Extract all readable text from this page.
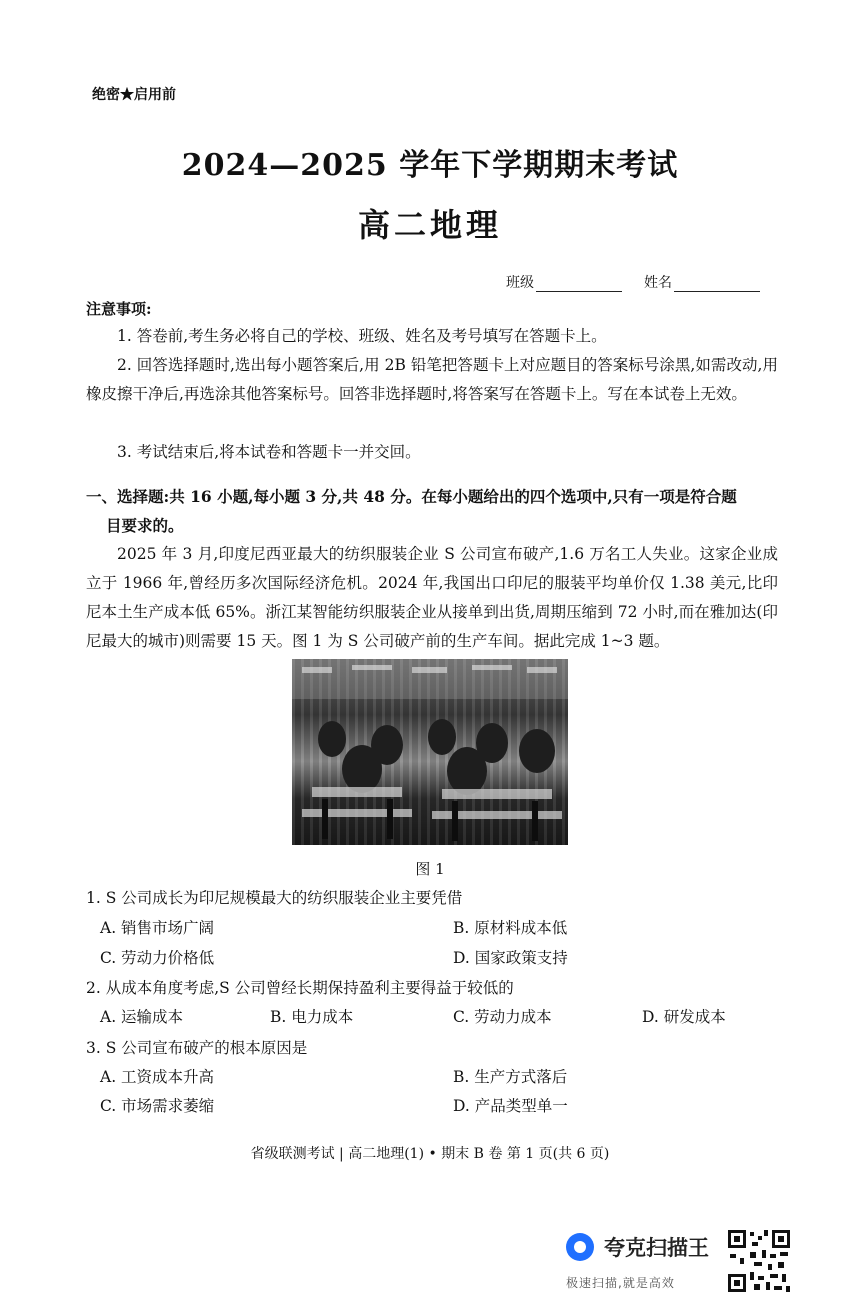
绝密★启用前
2024—2025 学年下学期期末考试
高二地理
班级	姓名
注意事项:
1. 答卷前,考生务必将自己的学校、班级、姓名及考号填写在答题卡上。
2. 回答选择题时,选出每小题答案后,用 2B 铅笔把答题卡上对应题目的答案标号涂黑,如需改动,用橡皮擦干净后,再选涂其他答案标号。回答非选择题时,将答案写在答题卡上。写在本试卷上无效。
3. 考试结束后,将本试卷和答题卡一并交回。
一、选择题:共 16 小题,每小题 3 分,共 48 分。在每小题给出的四个选项中,只有一项是符合题
目要求的。
2025 年 3 月,印度尼西亚最大的纺织服装企业 S 公司宣布破产,1.6 万名工人失业。这家企业成立于 1966 年,曾经历多次国际经济危机。2024 年,我国出口印尼的服装平均单价仅 1.38 美元,比印尼本土生产成本低 65%。浙江某智能纺织服装企业从接单到出货,周期压缩到 72 小时,而在雅加达(印尼最大的城市)则需要 15 天。图 1 为 S 公司破产前的生产车间。据此完成 1~3 题。
图 1
1. S 公司成长为印尼规模最大的纺织服装企业主要凭借
A. 销售市场广阔	B. 原材料成本低
C. 劳动力价格低	D. 国家政策支持
2. 从成本角度考虑,S 公司曾经长期保持盈利主要得益于较低的
A. 运输成本	B. 电力成本	C. 劳动力成本	D. 研发成本
3. S 公司宣布破产的根本原因是
A. 工资成本升高	B. 生产方式落后
C. 市场需求萎缩	D. 产品类型单一
省级联测考试 | 高二地理(1) • 期末 B 卷 第 1 页(共 6 页)
夸克扫描王
极速扫描,就是高效
